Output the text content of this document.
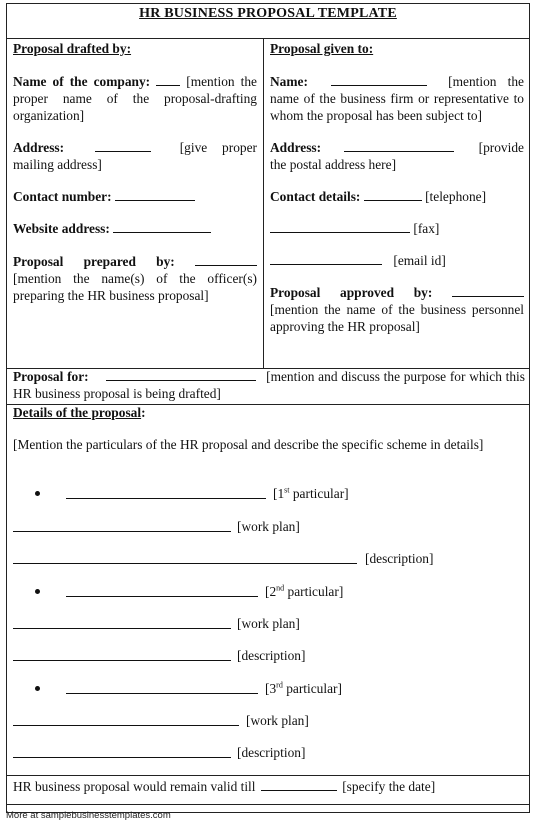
HR BUSINESS PROPOSAL TEMPLATE

Proposal drafted by:

Name of the company:	[mention the proper name of the proposal-drafting organization]

Address:	[give proper mailing address]

Contact number:

Website address:

Proposal prepared by:  [mention the name(s) of the officer(s) preparing the HR business proposal]

Proposal given to:

Name:	[mention the name of the business firm or representative to whom the proposal has been subject to]

Address:	[provide the postal address here]

Contact details:	[telephone]

[fax]

[email id]

Proposal approved by:  [mention the name of the business personnel approving the HR proposal]

Proposal for:	[mention and discuss the purpose for which this HR business proposal is being drafted]

Details of the proposal:

[Mention the particulars of the HR proposal and describe the specific scheme in details]

[1st particular]
[work plan]
[description]
[2nd particular]
[work plan]
[description]
[3rd particular]
[work plan]
[description]
HR business proposal would remain valid till	[specify the date]
More at samplebusinesstemplates.com
